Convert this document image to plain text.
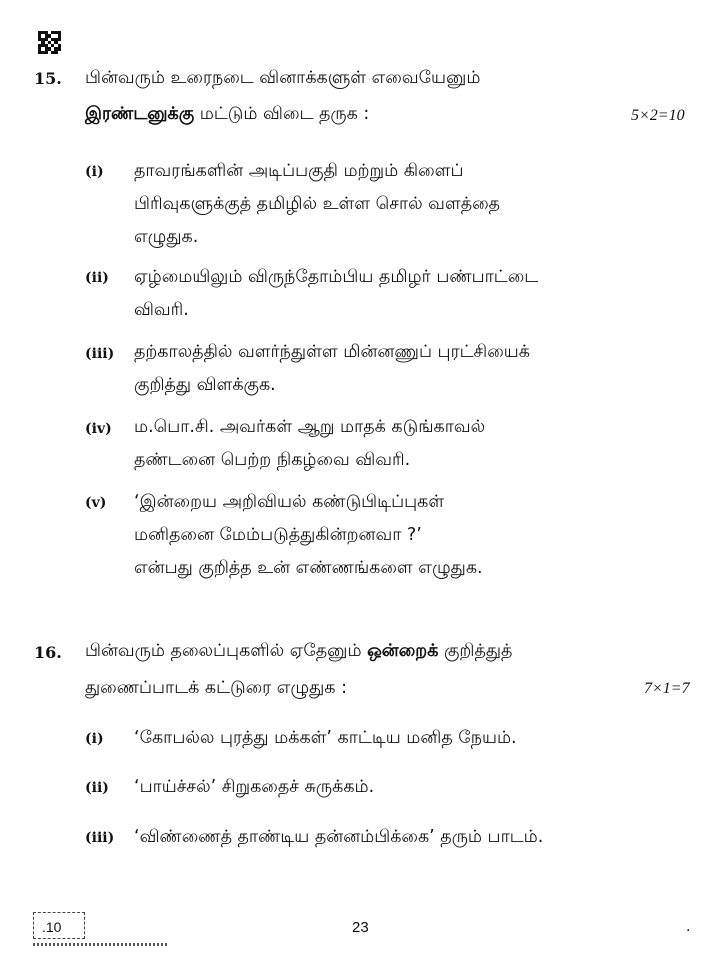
15. பின்வரும் உரைநடை வினாக்களுள் எவையேனும்
இரண்டனுக்கு மட்டும் விடை தருக :	5×2=10
(i) தாவரங்களின் அடிப்பகுதி மற்றும் கிளைப்
பிரிவுகளுக்குத் தமிழில் உள்ள சொல் வளத்தை
எழுதுக.
(ii) ஏழ்மையிலும் விருந்தோம்பிய தமிழர் பண்பாட்டை
விவரி.
(iii) தற்காலத்தில் வளர்ந்துள்ள மின்னணுப் புரட்சியைக்
குறித்து விளக்குக.
(iv) ம.பொ.சி. அவர்கள் ஆறு மாதக் கடுங்காவல்
தண்டனை பெற்ற நிகழ்வை விவரி.
(v) ‘இன்றைய அறிவியல் கண்டுபிடிப்புகள்
மனிதனை மேம்படுத்துகின்றனவா ?’
என்பது குறித்த உன் எண்ணங்களை எழுதுக.
16. பின்வரும் தலைப்புகளில் ஏதேனும் ஒன்றைக் குறித்துத்
துணைப்பாடக் கட்டுரை எழுதுக :	7×1=7
(i) ‘கோபல்ல புரத்து மக்கள்’ காட்டிய மனித நேயம்.
(ii) ‘பாய்ச்சல்’ சிறுகதைச் சுருக்கம்.
(iii) ‘விண்ணைத் தாண்டிய தன்னம்பிக்கை’ தரும் பாடம்.
.10	23	.
